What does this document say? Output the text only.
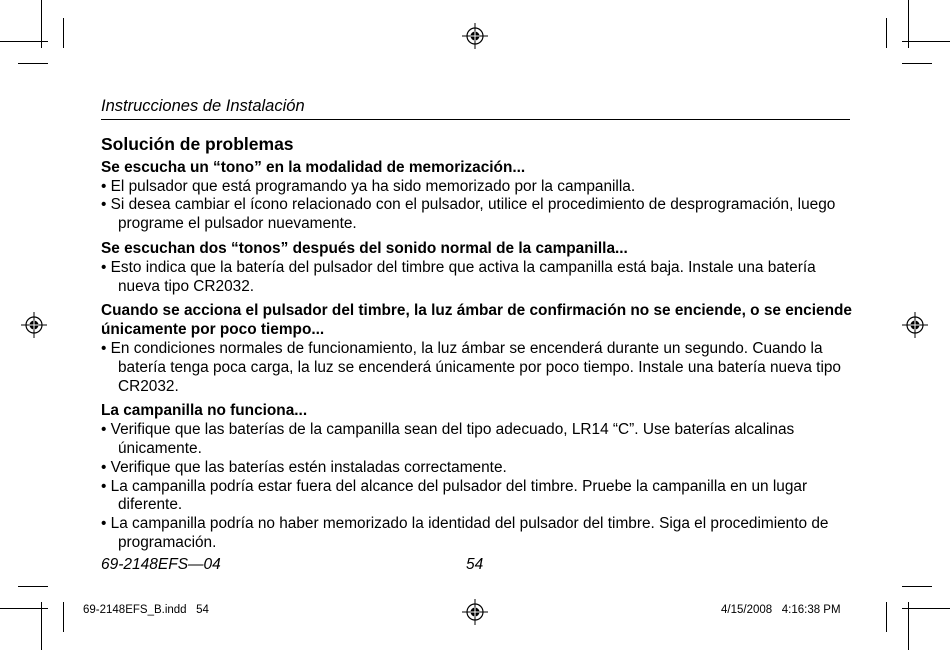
Instrucciones de Instalación
Solución de problemas
Se escucha un “tono” en la modalidad de memorización...
• El pulsador que está programando ya ha sido memorizado por la campanilla.
• Si desea cambiar el ícono relacionado con el pulsador, utilice el procedimiento de desprogramación, luego programe el pulsador nuevamente.
Se escuchan dos “tonos” después del sonido normal de la campanilla...
• Esto indica que la batería del pulsador del timbre que activa la campanilla está baja. Instale una batería nueva tipo CR2032.
Cuando se acciona el pulsador del timbre, la luz ámbar de confirmación no se enciende, o se enciende únicamente por poco tiempo...
• En condiciones normales de funcionamiento, la luz ámbar se encenderá durante un segundo. Cuando la batería tenga poca carga, la luz se encenderá únicamente por poco tiempo. Instale una batería nueva tipo CR2032.
La campanilla no funciona...
• Verifique que las baterías de la campanilla sean del tipo adecuado, LR14 “C”. Use baterías alcalinas únicamente.
• Verifique que las baterías estén instaladas correctamente.
• La campanilla podría estar fuera del alcance del pulsador del timbre. Pruebe la campanilla en un lugar diferente.
• La campanilla podría no haber memorizado la identidad del pulsador del timbre. Siga el procedimiento de programación.
69-2148EFS—04	54
69-2148EFS_B.indd   54	4/15/2008   4:16:38 PM
